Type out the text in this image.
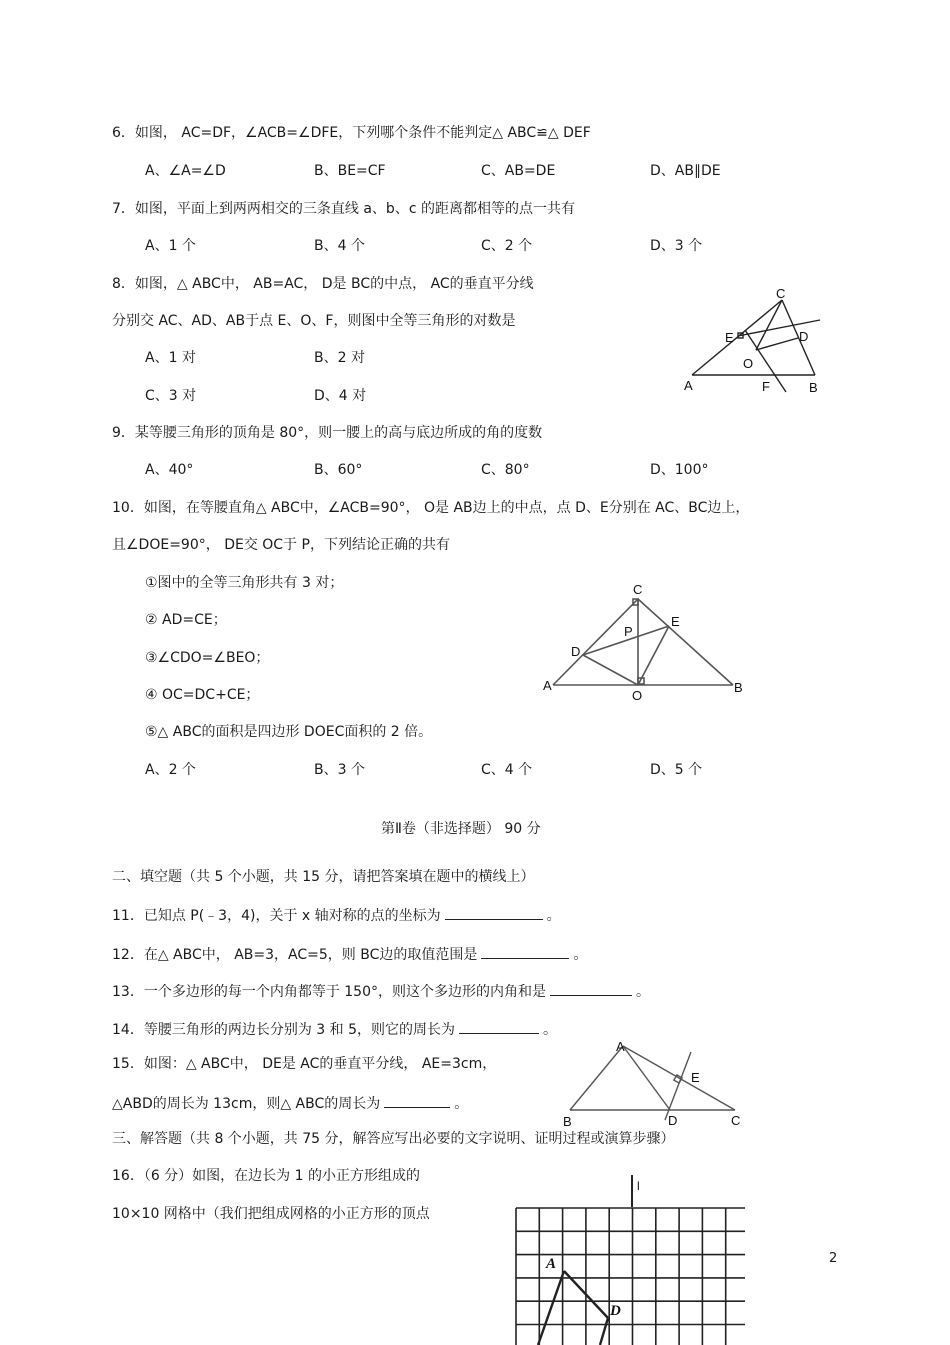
6．如图， AC=DF，∠ACB=∠DFE，下列哪个条件不能判定△ ABC≌△ DEF
A、∠A=∠D	B、BE=CF	C、AB=DE	D、AB∥DE
7．如图，平面上到两两相交的三条直线 a、b、c 的距离都相等的点一共有
A、1 个	B、4 个	C、2 个	D、3 个
8．如图，△ ABC中， AB=AC， D是 BC的中点， AC的垂直平分线
分别交 AC、AD、AB于点 E、O、F，则图中全等三角形的对数是
A、1 对	B、2 对
C、3 对	D、4 对
A	B
C
D
E
F
O
9．某等腰三角形的顶角是 80°，则一腰上的高与底边所成的角的度数
A、40°	B、60°	C、80°	D、100°
10．如图，在等腰直角△ ABC中，∠ACB=90°， O是 AB边上的中点，点 D、E分别在 AC、BC边上，
且∠DOE=90°， DE交 OC于 P，下列结论正确的共有
①图中的全等三角形共有 3 对；
② AD=CE；
③∠CDO=∠BEO；
④ OC=DC+CE；
⑤△ ABC的面积是四边形 DOEC面积的 2 倍。
A、2 个	B、3 个	C、4 个	D、5 个
A	B
C
D
E
O
P
第Ⅱ卷（非选择题） 90 分
二、填空题（共 5 个小题，共 15 分，请把答案填在题中的横线上）
11．已知点 P(﹣3，4)，关于 x 轴对称的点的坐标为	。
12．在△ ABC中， AB=3，AC=5，则 BC边的取值范围是	。
13．一个多边形的每一个内角都等于 150°，则这个多边形的内角和是	。
14．等腰三角形的两边长分别为 3 和 5，则它的周长为	。
15．如图：△ ABC中， DE是 AC的垂直平分线， AE=3cm，
△ABD的周长为 13cm，则△ ABC的周长为	。
A
B	C
D
E
三、解答题（共 8 个小题，共 75 分，解答应写出必要的文字说明、证明过程或演算步骤）
16．（6 分）如图，在边长为 1 的小正方形组成的
10×10 网格中（我们把组成网格的小正方形的顶点
l
A
D
2
